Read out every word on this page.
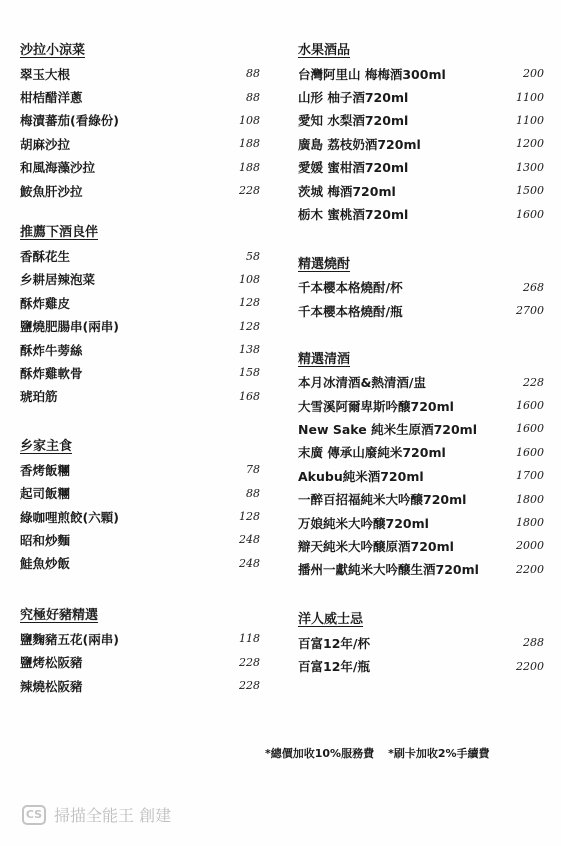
沙拉小涼菜
翠玉大根	88
柑桔醋洋蔥	88
梅漬蕃茄(看綠份)	108
胡麻沙拉	188
和風海藻沙拉	188
鮟魚肝沙拉	228
推薦下酒良伴
香酥花生	58
乡耕居辣泡菜	108
酥炸雞皮	128
鹽燒肥腸串(兩串)	128
酥炸牛蒡絲	138
酥炸雞軟骨	158
琥珀筋	168
乡家主食
香烤飯糰	78
起司飯糰	88
綠咖哩煎餃(六顆)	128
昭和炒麵	248
鮭魚炒飯	248
究極好豬精選
鹽麴豬五花(兩串)	118
鹽烤松阪豬	228
辣燒松阪豬	228
水果酒品
台灣阿里山 梅梅酒300ml	200
山形 柚子酒720ml	1100
愛知 水梨酒720ml	1100
廣島 荔枝奶酒720ml	1200
愛媛 蜜柑酒720ml	1300
茨城 梅酒720ml	1500
栃木 蜜桃酒720ml	1600
精選燒酎
千本櫻本格燒酎/杯	268
千本櫻本格燒酎/瓶	2700
精選清酒
本月冰清酒&熱清酒/盅	228
大雪溪阿爾卑斯吟醸720ml	1600
New Sake 純米生原酒720ml	1600
末廣 傳承山廢純米720ml	1600
Akubu純米酒720ml	1700
一醉百招福純米大吟醸720ml	1800
万娘純米大吟醸720ml	1800
辯天純米大吟醸原酒720ml	2000
播州一獻純米大吟醸生酒720ml	2200
洋人威士忌
百富12年/杯	288
百富12年/瓶	2200
*總價加收10%服務費 *刷卡加收2%手續費
CS 掃描全能王 創建
